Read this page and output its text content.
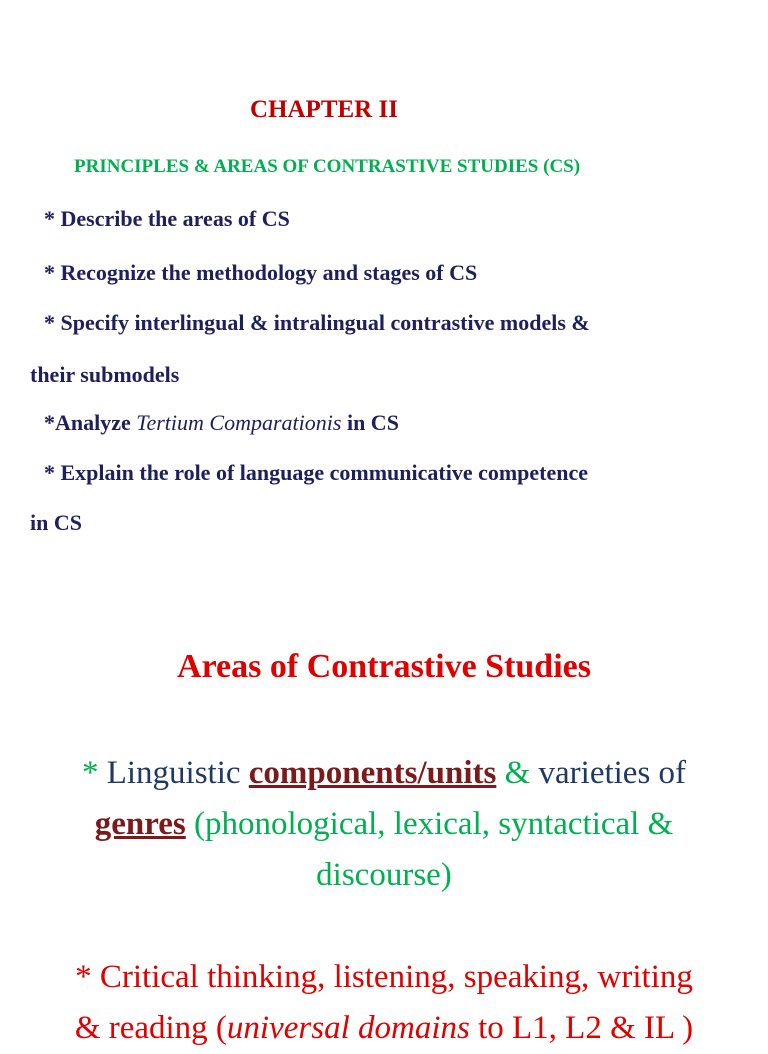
CHAPTER II
PRINCIPLES & AREAS OF CONTRASTIVE STUDIES (CS)

* Describe the areas of CS

* Recognize the methodology and stages of CS

* Specify interlingual & intralingual contrastive models &

their submodels

*Analyze Tertium Comparationis in CS

* Explain the role of language communicative competence

in CS

Areas of Contrastive Studies
* Linguistic components/units & varieties of
genres (phonological, lexical, syntactical &
discourse)
* Critical thinking, listening, speaking, writing
& reading (universal domains to L1, L2 & IL )
